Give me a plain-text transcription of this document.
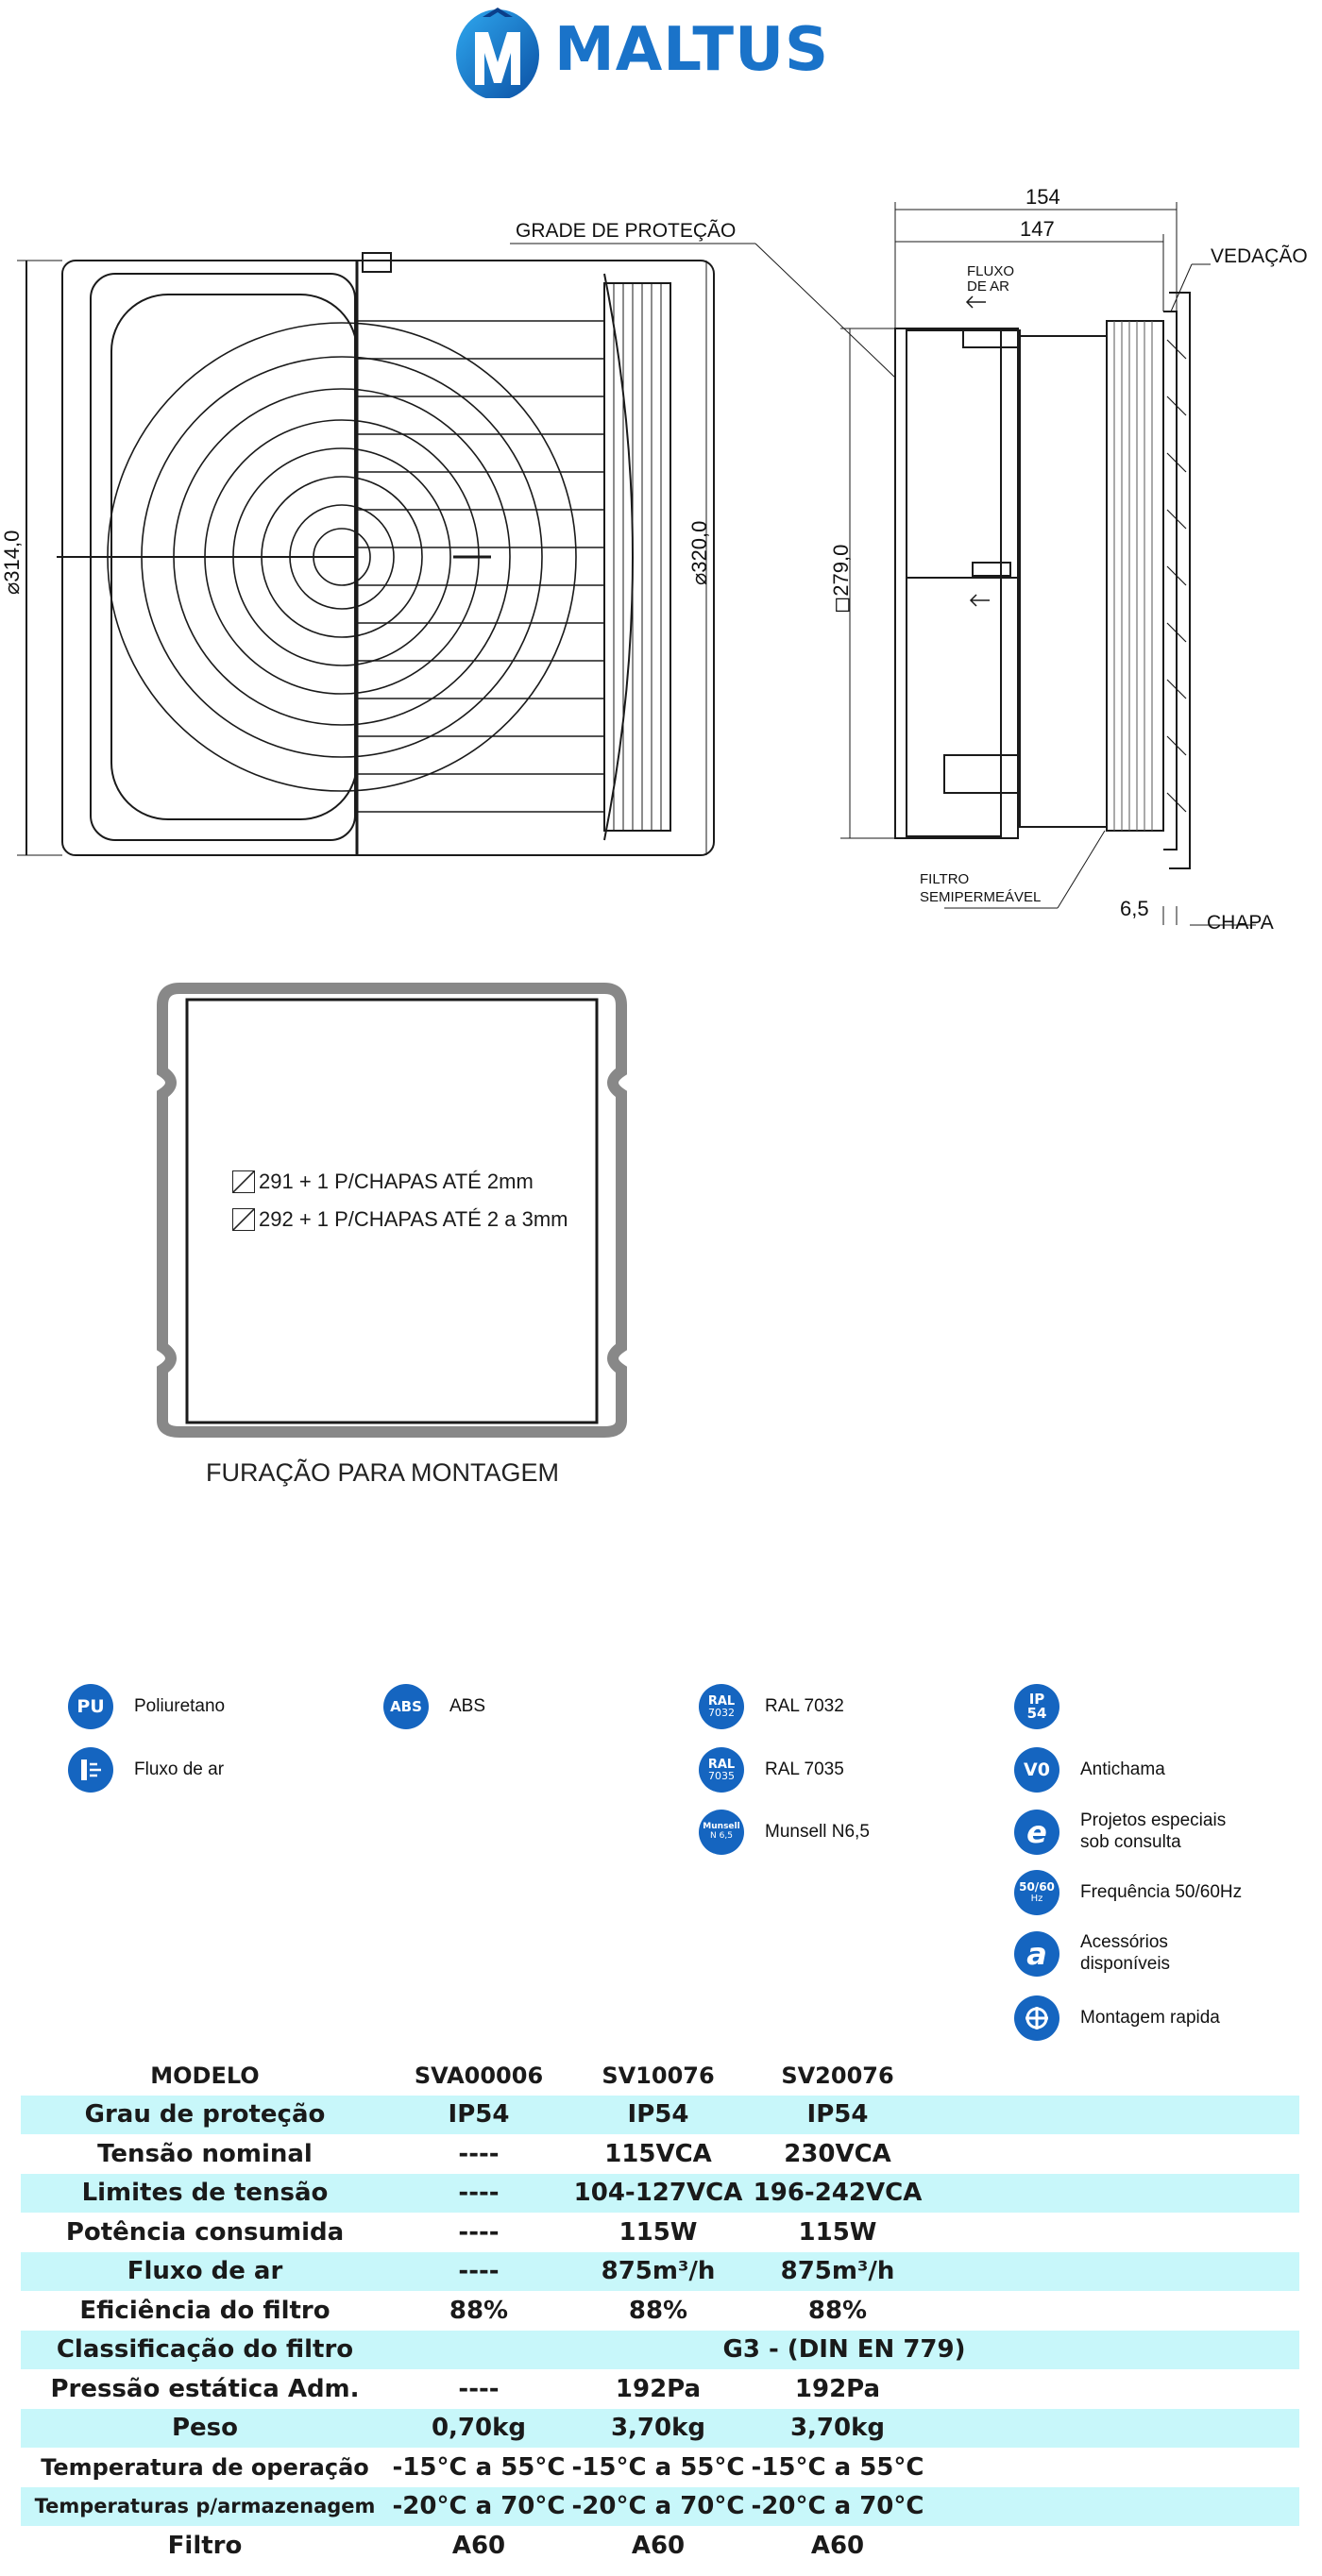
MALTUS
⌀314,0	⌀320,0	◻279,0
154
147
GRADE DE PROTEÇÃO
VEDAÇÃO
FLUXO
DE AR
FILTRO
SEMIPERMEÁVEL	6,5
CHAPA
291 + 1 P/CHAPAS ATÉ 2mm
292 + 1 P/CHAPAS ATÉ 2 a 3mm
FURAÇÃO PARA MONTAGEM
PU	Poliuretano	ABS	ABS	RAL
7032 RAL 7032	IP
54
Fluxo de ar	RAL
7035 RAL 7035	V0	Antichama
Munsell
N 6,5 Munsell N6,5	e	Projetos especiais
sob consulta
50/60
Hz Frequência 50/60Hz
a	Acessórios
disponíveis
Montagem rapida
MODELO	SVA00006	SV10076	SV20076	
Grau de proteção	IP54	IP54	IP54	
Tensão nominal	----	115VCA	230VCA	
Limites de tensão	----	104-127VCA	196-242VCA	
Potência consumida	----	115W	115W	
Fluxo de ar	----	875m³/h	875m³/h	
Eficiência do filtro	88%	88%	88%	
Classificação do filtro	G3 - (DIN EN 779)			
Pressão estática Adm.	----	192Pa	192Pa	
Peso	0,70kg	3,70kg	3,70kg	
Temperatura de operação	-15°C a 55°C	-15°C a 55°C	-15°C a 55°C	
Temperaturas p/armazenagem	-20°C a 70°C	-20°C a 70°C	-20°C a 70°C	
Filtro	A60	A60	A60	
